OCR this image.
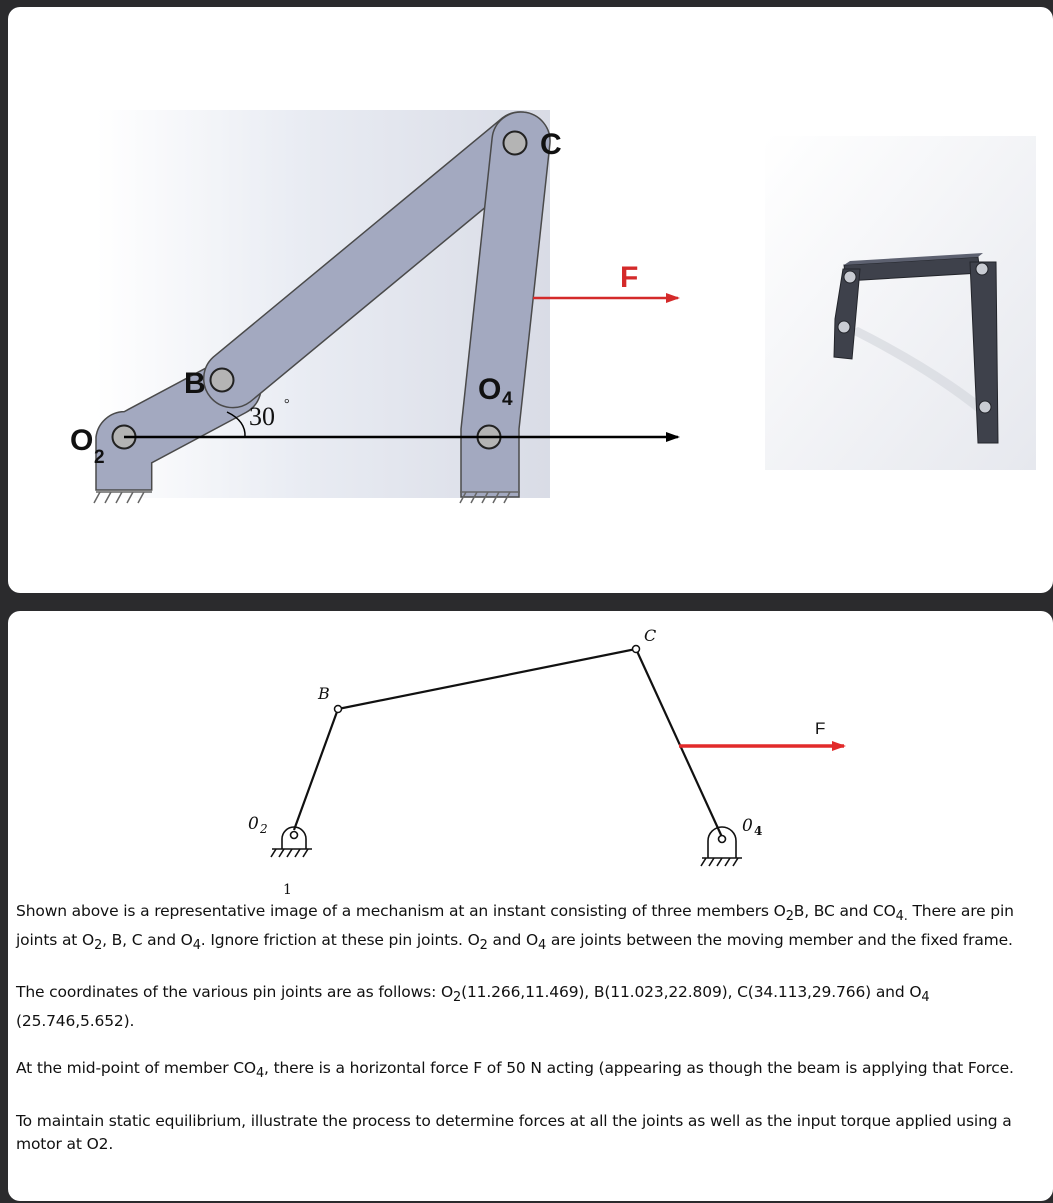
C
B	O 4
O
2
F
30 °
C
B
F
0 2	0 4
1

Shown above is a representative image of a mechanism at an instant consisting of three members $O_2B$, BC and $CO_{4.}$ There are pin joints at $O_2$, B, C and $O_4$. Ignore friction at these pin joints. $O_2$ and $O_4$ are joints between the moving member and the fixed frame.

The coordinates of the various pin joints are as follows: $O_2(11.266,11.469)$, B(11.023,22.809), C(34.113,29.766) and $O_4$ (25.746,5.652).

At the mid-point of member $CO_4$, there is a horizontal force F of 50 N acting (appearing as though the beam is applying that Force.

To maintain static equilibrium, illustrate the process to determine forces at all the joints as well as the input torque applied using a motor at O2.
